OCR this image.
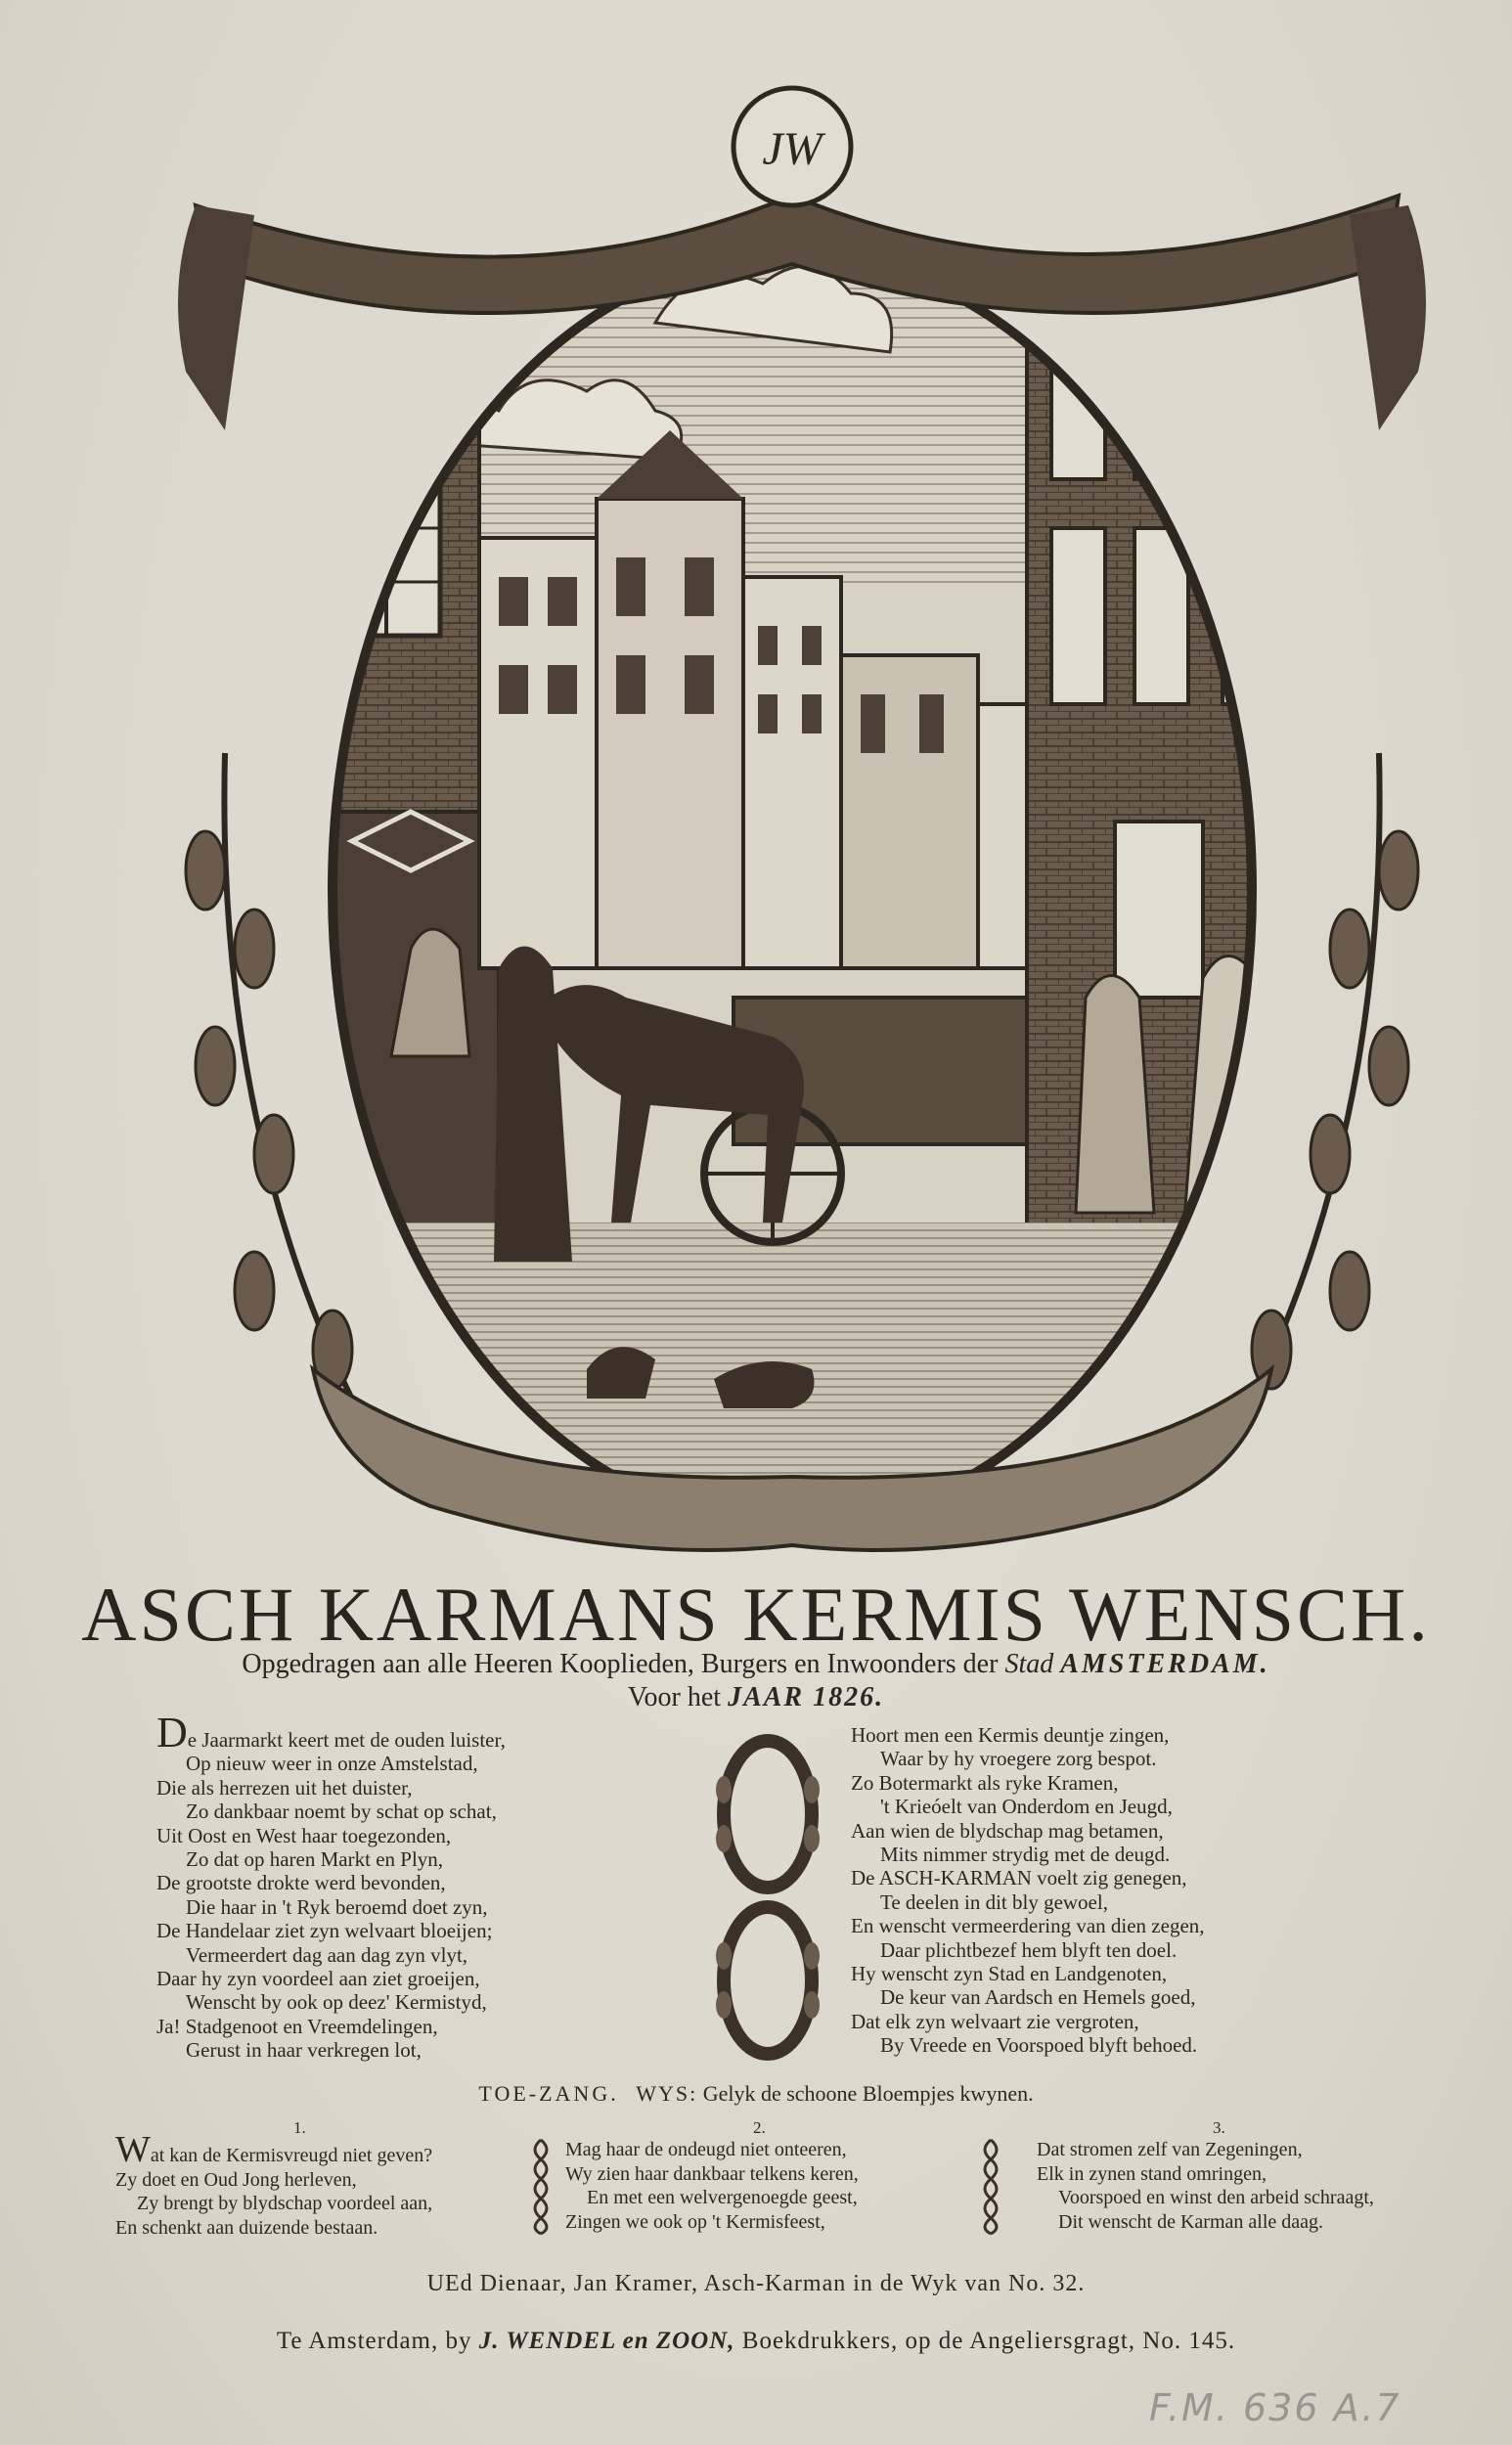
JW
ASCH KARMANS KERMIS WENSCH.
Opgedragen aan alle Heeren Kooplieden, Burgers en Inwoonders der Stad AMSTERDAM.
Voor het JAAR 1826.
De Jaarmarkt keert met de ouden luister,
Op nieuw weer in onze Amstelstad,
Die als herrezen uit het duister,
Zo dankbaar noemt by schat op schat,
Uit Oost en West haar toegezonden,
Zo dat op haren Markt en Plyn,
De grootste drokte werd bevonden,
Die haar in 't Ryk beroemd doet zyn,
De Handelaar ziet zyn welvaart bloeijen;
Vermeerdert dag aan dag zyn vlyt,
Daar hy zyn voordeel aan ziet groeijen,
Wenscht by ook op deez' Kermistyd,
Ja! Stadgenoot en Vreemdelingen,
Gerust in haar verkregen lot,
Hoort men een Kermis deuntje zingen,
Waar by hy vroegere zorg bespot.
Zo Botermarkt als ryke Kramen,
't Krieóelt van Onderdom en Jeugd,
Aan wien de blydschap mag betamen,
Mits nimmer strydig met de deugd.
De ASCH-KARMAN voelt zig genegen,
Te deelen in dit bly gewoel,
En wenscht vermeerdering van dien zegen,
Daar plichtbezef hem blyft ten doel.
Hy wenscht zyn Stad en Landgenoten,
De keur van Aardsch en Hemels goed,
Dat elk zyn welvaart zie vergroten,
By Vreede en Voorspoed blyft behoed.
TOE-ZANG. WYS: Gelyk de schoone Bloempjes kwynen.
1.	2.	3.
Wat kan de Kermisvreugd niet geven?
Zy doet en Oud Jong herleven,
Zy brengt by blydschap voordeel aan,
En schenkt aan duizende bestaan.
Mag haar de ondeugd niet onteeren,
Wy zien haar dankbaar telkens keren,
En met een welvergenoegde geest,
Zingen we ook op 't Kermisfeest,
Dat stromen zelf van Zegeningen,
Elk in zynen stand omringen,
Voorspoed en winst den arbeid schraagt,
Dit wenscht de Karman alle daag.
UEd Dienaar, Jan Kramer, Asch-Karman in de Wyk van No. 32.
Te Amsterdam, by J. WENDEL en ZOON, Boekdrukkers, op de Angeliersgragt, No. 145.
F.M. 636 A.7
